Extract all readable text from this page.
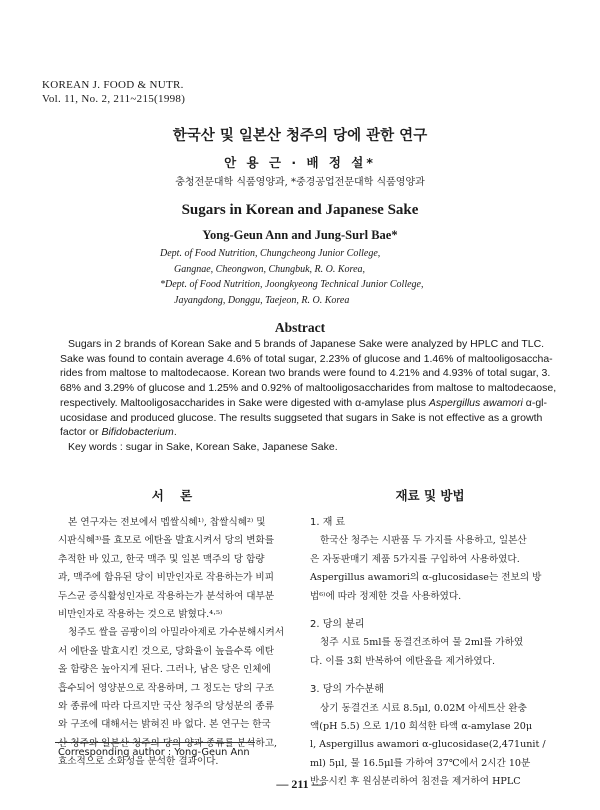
KOREAN J. FOOD & NUTR.
Vol. 11, No. 2, 211~215(1998)
한국산 및 일본산 청주의 당에 관한 연구
안 용 근 · 배 정 설*
충청전문대학 식품영양과, *중경공업전문대학 식품영양과
Sugars in Korean and Japanese Sake
Yong-Geun Ann and Jung-Surl Bae*
Dept. of Food Nutrition, Chungcheong Junior College,
Gangnae, Cheongwon, Chungbuk, R. O. Korea,
*Dept. of Food Nutrition, Joongkyeong Technical Junior College,
Jayangdong, Donggu, Taejeon, R. O. Korea
Abstract
Sugars in 2 brands of Korean Sake and 5 brands of Japanese Sake were analyzed by HPLC and TLC.
Sake was found to contain average 4.6% of total sugar, 2.23% of glucose and 1.46% of maltooligosaccha-
rides from maltose to maltodecaose. Korean two brands were found to 4.21% and 4.93% of total sugar, 3.
68% and 3.29% of glucose and 1.25% and 0.92% of maltooligosaccharides from maltose to maltodecaose,
respectively. Maltooligosaccharides in Sake were digested with α-amylase plus Aspergillus awamori α-gl-
ucosidase and produced glucose. The results suggseted that sugars in Sake is not effective as a growth
factor or Bifidobacterium.
Key words : sugar in Sake, Korean Sake, Japanese Sake.
서 론	재료 및 방법
본 연구자는 전보에서 멥쌀식혜¹⁾, 찹쌀식혜²⁾ 및
시판식혜³⁾를 효모로 에탄올 발효시켜서 당의 변화를
추적한 바 있고, 한국 맥주 및 일본 맥주의 당 함량
과, 맥주에 함유된 당이 비만인자로 작용하는가 비피
두스균 증식활성인자로 작용하는가 분석하여 대부분
비만인자로 작용하는 것으로 밝혔다.⁴·⁵⁾
청주도 쌀을 곰팡이의 아밀라아제로 가수분해시켜서
서 에탄올 발효시킨 것으로, 당화율이 높을수록 에탄
올 함량은 높아지게 된다. 그러나, 남은 당은 인체에
흡수되어 영양분으로 작용하며, 그 정도는 당의 구조
와 종류에 따라 다르지만 국산 청주의 당성분의 종류
와 구조에 대해서는 밝혀진 바 없다. 본 연구는 한국
산 청주와 일본산 청주의 당의 양과 종류를 분석하고,
효소적으로 소화성을 분석한 결과이다.
1. 재 료
한국산 청주는 시판품 두 가지를 사용하고, 일본산
은 자동판매기 제품 5가지를 구입하여 사용하였다.
Aspergillus awamori의 α-glucosidase는 전보의 방
법⁶⁾에 따라 정제한 것을 사용하였다.
2. 당의 분리
청주 시료 5ml를 동결건조하여 물 2ml를 가하였
다. 이를 3회 반복하여 에탄올을 제거하였다.
3. 당의 가수분해
상기 동결건조 시료 8.5μl, 0.02M 아세트산 완충
액(pH 5.5) 으로 1/10 희석한 타액 α-amylase 20μ
l, Aspergillus awamori α-glucosidase(2,471unit /
ml) 5μl, 물 16.5μl를 가하여 37℃에서 2시간 10분
반응시킨 후 원심분리하여 침전을 제거하여 HPLC
Corresponding author : Yong-Geun Ann
— 211 —
